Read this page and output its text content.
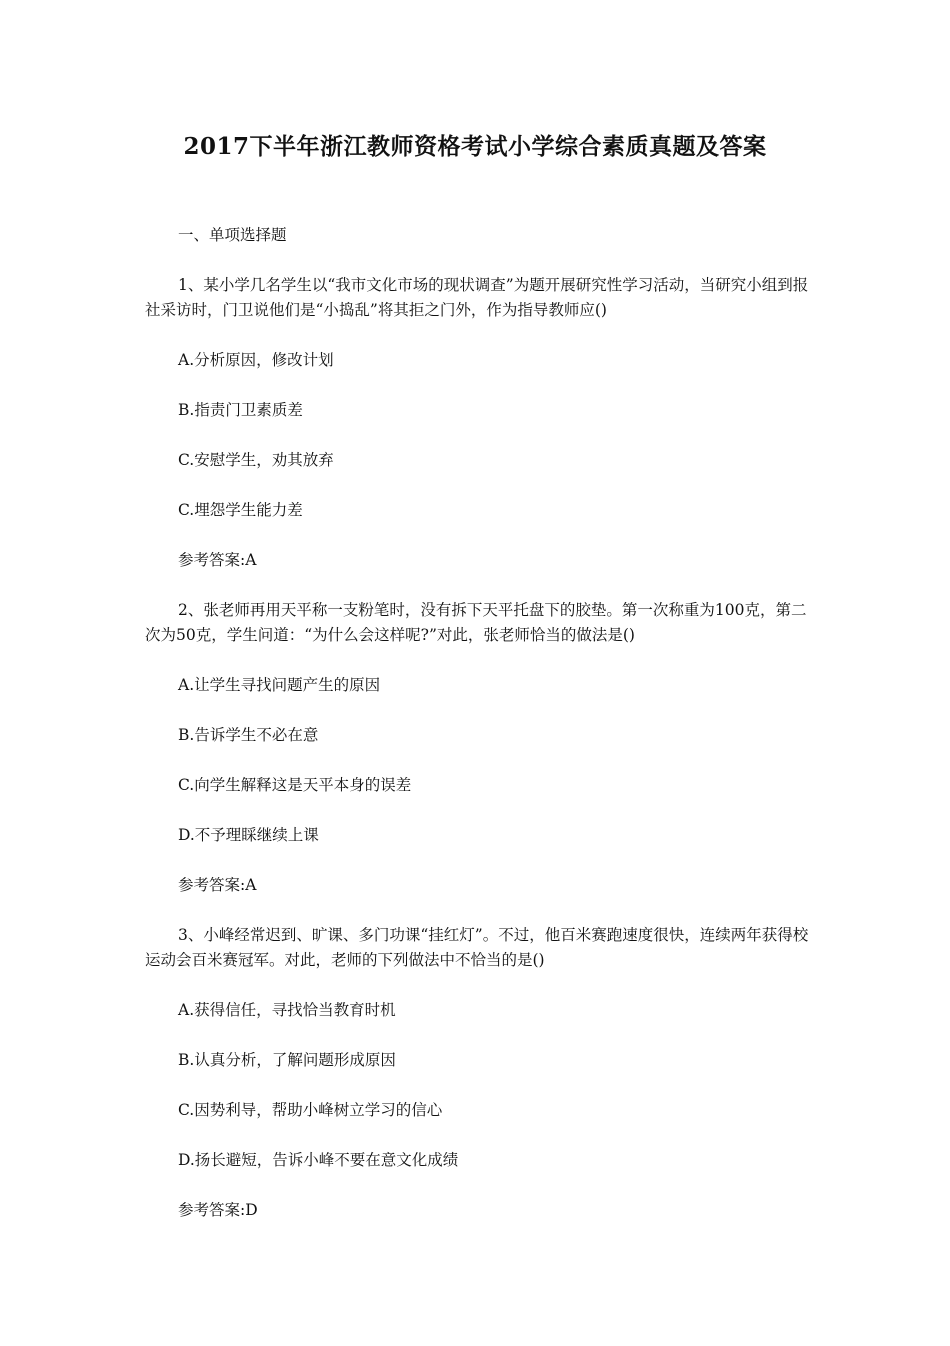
2017下半年浙江教师资格考试小学综合素质真题及答案
一、单项选择题
1、某小学几名学生以“我市文化市场的现状调查”为题开展研究性学习活动，当研究小组到报社采访时，门卫说他们是“小捣乱”将其拒之门外，作为指导教师应()
A.分析原因，修改计划
B.指责门卫素质差
C.安慰学生，劝其放弃
C.埋怨学生能力差
参考答案:A
2、张老师再用天平称一支粉笔时，没有拆下天平托盘下的胶垫。第一次称重为100克，第二次为50克，学生问道：“为什么会这样呢?”对此，张老师恰当的做法是()
A.让学生寻找问题产生的原因
B.告诉学生不必在意
C.向学生解释这是天平本身的误差
D.不予理睬继续上课
参考答案:A
3、小峰经常迟到、旷课、多门功课“挂红灯”。不过，他百米赛跑速度很快，连续两年获得校运动会百米赛冠军。对此，老师的下列做法中不恰当的是()
A.获得信任，寻找恰当教育时机
B.认真分析，了解问题形成原因
C.因势利导，帮助小峰树立学习的信心
D.扬长避短，告诉小峰不要在意文化成绩
参考答案:D
